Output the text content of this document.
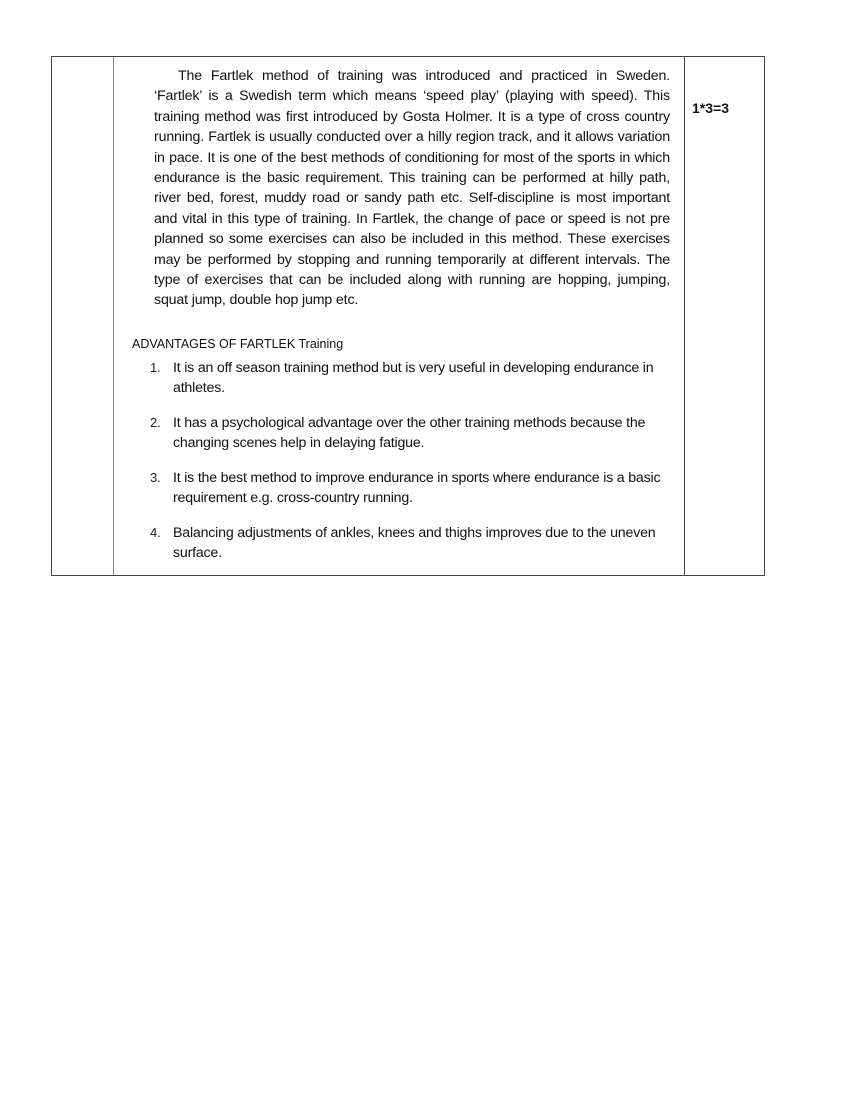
The Fartlek method of training was introduced and practiced in Sweden. ‘Fartlek’ is a Swedish term which means ‘speed play’ (playing with speed). This training method was first introduced by Gosta Holmer. It is a type of cross country running. Fartlek is usually conducted over a hilly region track, and it allows variation in pace. It is one of the best methods of conditioning for most of the sports in which endurance is the basic requirement. This training can be performed at hilly path, river bed, forest, muddy road or sandy path etc. Self-discipline is most important and vital in this type of training. In Fartlek, the change of pace or speed is not pre planned so some exercises can also be included in this method. These exercises may be performed by stopping and running temporarily at different intervals. The type of exercises that can be included along with running are hopping, jumping, squat jump, double hop jump etc.

ADVANTAGES OF FARTLEK Training

1. It is an off season training method but is very useful in developing endurance in athletes.
2. It has a psychological advantage over the other training methods because the changing scenes help in delaying fatigue.
3. It is the best method to improve endurance in sports where endurance is a basic requirement e.g. cross-country running.
4. Balancing adjustments of ankles, knees and thighs improves due to the uneven surface.
1*3=3
